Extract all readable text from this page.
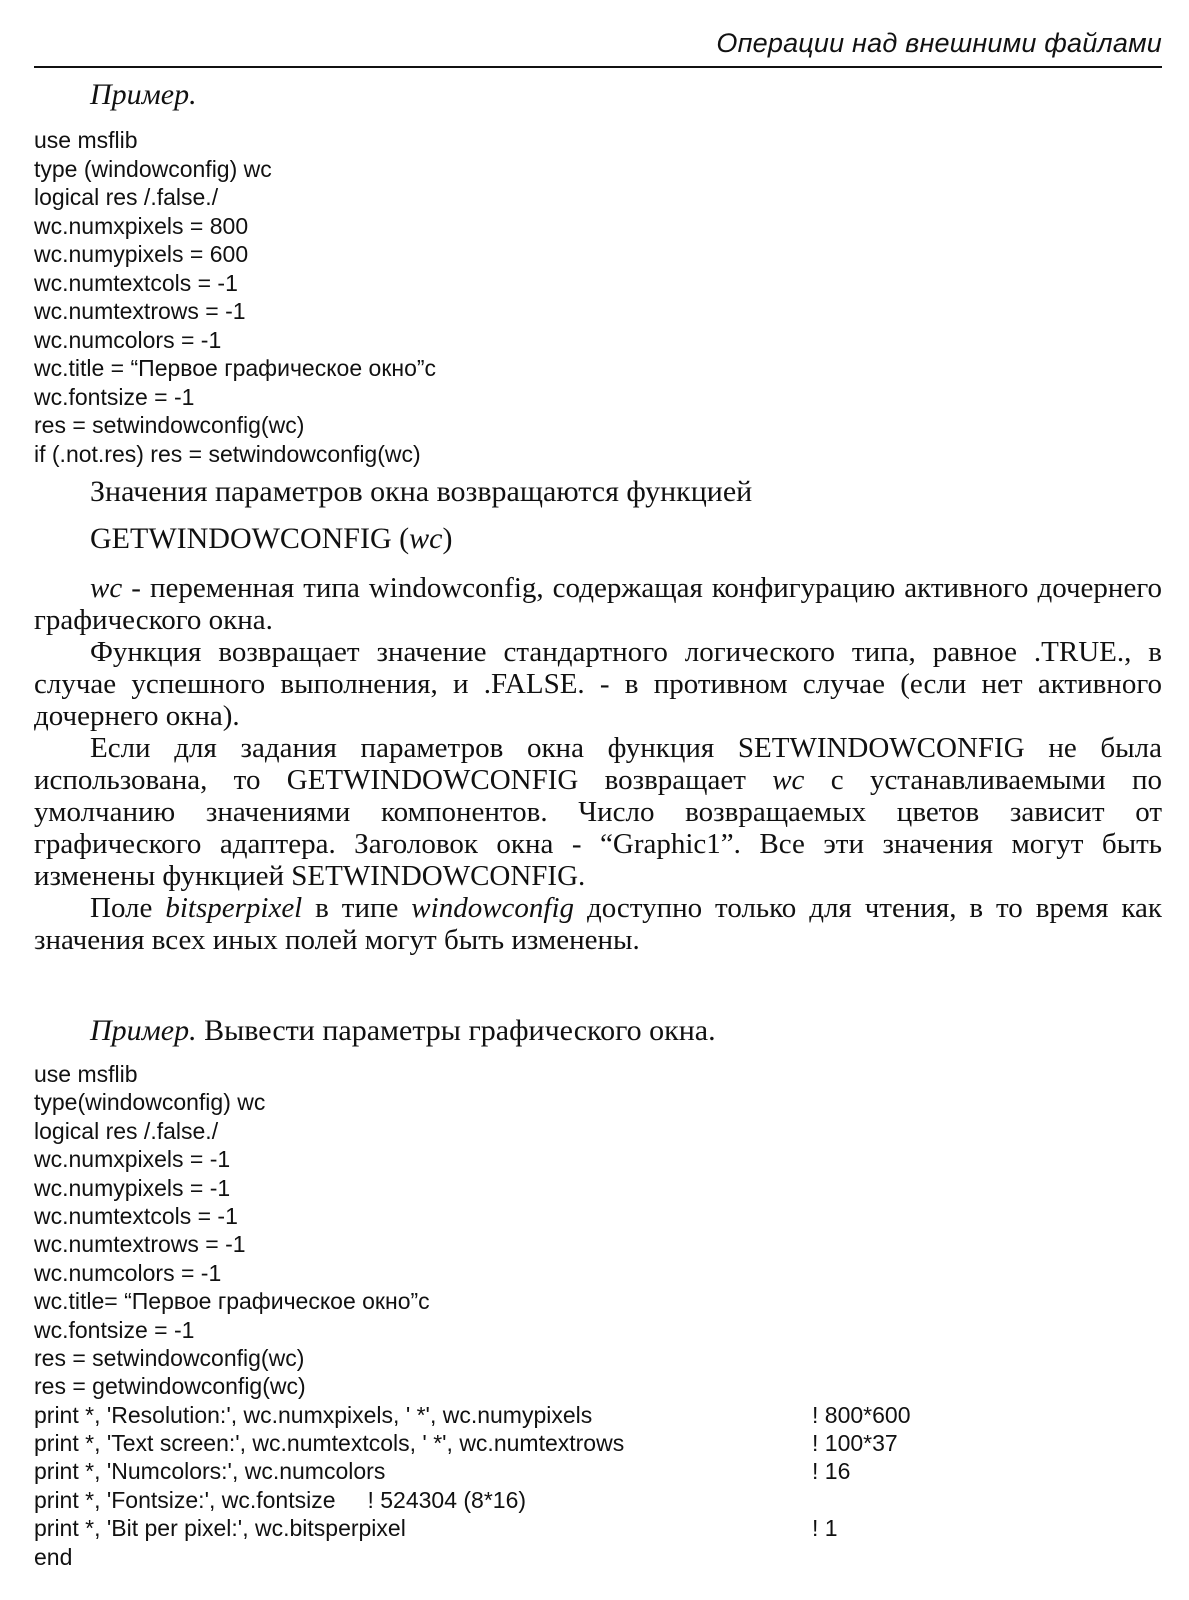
Операции над внешними файлами
Пример.
use msflib
type (windowconfig) wc
logical res /.false./
wc.numxpixels = 800
wc.numypixels = 600
wc.numtextcols = -1
wc.numtextrows = -1
wc.numcolors = -1
wc.title = “Первое графическое окно”c
wc.fontsize = -1
res = setwindowconfig(wc)
if (.not.res) res = setwindowconfig(wc)
Значения параметров окна возвращаются функцией
GETWINDOWCONFIG (wc)

wc - переменная типа windowconfig, содержащая конфигурацию активного дочернего графического окна.

Функция возвращает значение стандартного логического типа, равное .TRUE., в случае успешного выполнения, и .FALSE. - в противном случае (если нет активного дочернего окна).

Если для задания параметров окна функция SETWINDOWCONFIG не была использована, то GETWINDOWCONFIG возвращает wc с устанавливаемыми по умолчанию значениями компонентов. Число возвращаемых цветов зависит от графического адаптера. Заголовок окна - “Graphic1”. Все эти значения могут быть изменены функцией SETWINDOWCONFIG.

Поле bitsperpixel в типе windowconfig доступно только для чтения, в то время как значения всех иных полей могут быть изменены.

Пример. Вывести параметры графического окна.
use msflib
type(windowconfig) wc
logical res /.false./
wc.numxpixels = -1
wc.numypixels = -1
wc.numtextcols = -1
wc.numtextrows = -1
wc.numcolors = -1
wc.title= “Первое графическое окно”c
wc.fontsize = -1
res = setwindowconfig(wc)
res = getwindowconfig(wc)
print *, 'Resolution:', wc.numxpixels, ' *', wc.numypixels	! 800*600
print *, 'Text screen:', wc.numtextcols, ' *', wc.numtextrows	! 100*37
print *, 'Numcolors:', wc.numcolors	! 16
print *, 'Fontsize:', wc.fontsize     ! 524304 (8*16)
print *, 'Bit per pixel:', wc.bitsperpixel	! 1
end
